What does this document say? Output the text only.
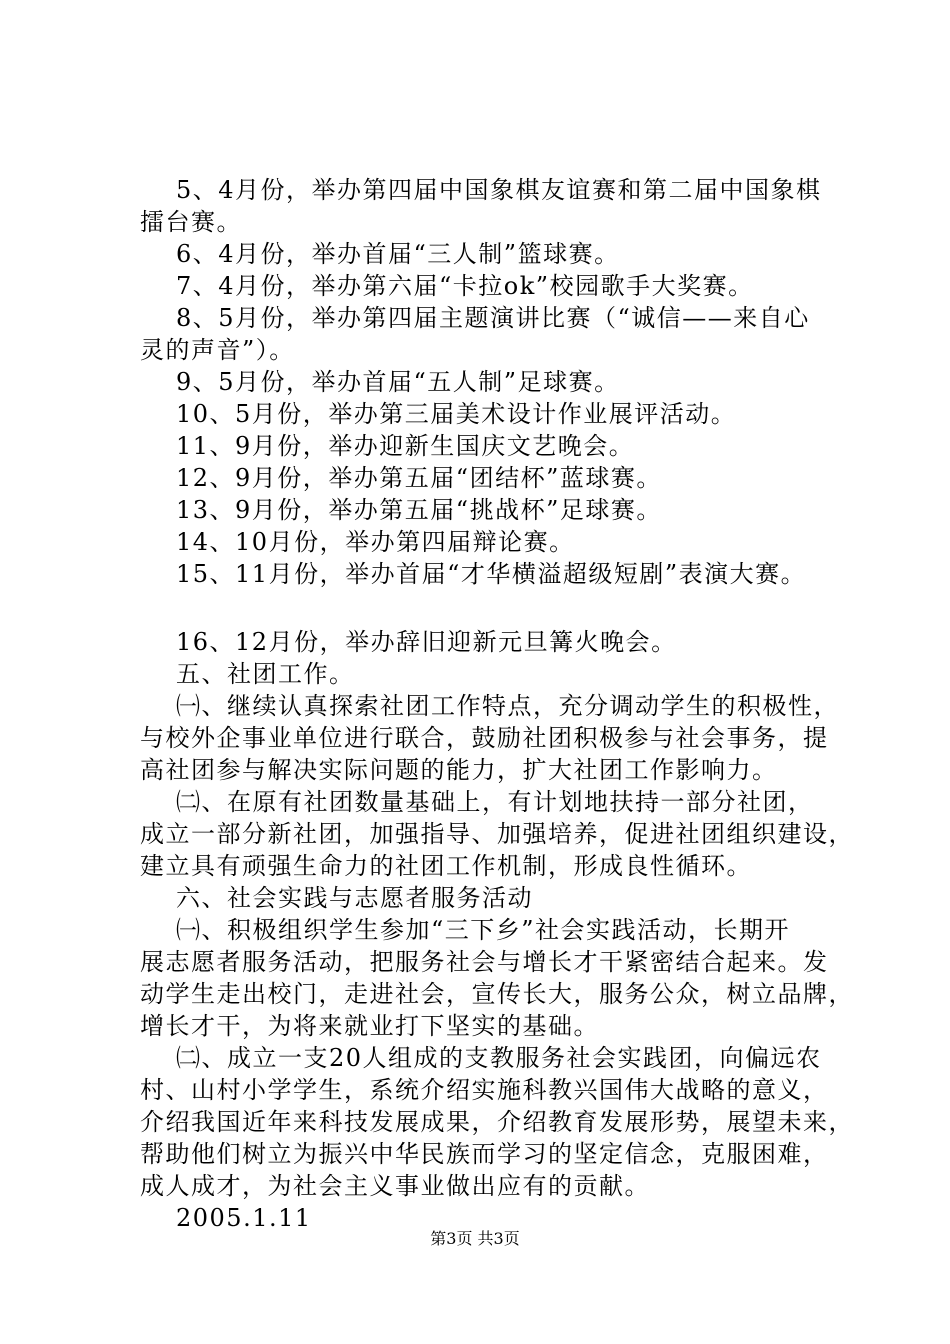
5、4月份，举办第四届中国象棋友谊赛和第二届中国象棋
擂台赛。
6、4月份，举办首届“三人制”篮球赛。
7、4月份，举办第六届“卡拉ok”校园歌手大奖赛。
8、5月份，举办第四届主题演讲比赛（“诚信——来自心
灵的声音”）。
9、5月份，举办首届“五人制”足球赛。
10、5月份，举办第三届美术设计作业展评活动。
11、9月份，举办迎新生国庆文艺晚会。
12、9月份，举办第五届“团结杯”蓝球赛。
13、9月份，举办第五届“挑战杯”足球赛。
14、10月份，举办第四届辩论赛。
15、11月份，举办首届“才华横溢超级短剧”表演大赛。
16、12月份，举办辞旧迎新元旦篝火晚会。
五、社团工作。
㈠、继续认真探索社团工作特点，充分调动学生的积极性，
与校外企事业单位进行联合，鼓励社团积极参与社会事务，提
高社团参与解决实际问题的能力，扩大社团工作影响力。
㈡、在原有社团数量基础上，有计划地扶持一部分社团，
成立一部分新社团，加强指导、加强培养，促进社团组织建设，
建立具有顽强生命力的社团工作机制，形成良性循环。
六、社会实践与志愿者服务活动
㈠、积极组织学生参加“三下乡”社会实践活动，长期开
展志愿者服务活动，把服务社会与增长才干紧密结合起来。发
动学生走出校门，走进社会，宣传长大，服务公众，树立品牌，
增长才干，为将来就业打下坚实的基础。
㈡、成立一支20人组成的支教服务社会实践团，向偏远农
村、山村小学学生，系统介绍实施科教兴国伟大战略的意义，
介绍我国近年来科技发展成果，介绍教育发展形势，展望未来，
帮助他们树立为振兴中华民族而学习的坚定信念，克服困难，
成人成才，为社会主义事业做出应有的贡献。
2005.1.11
第3页 共3页
